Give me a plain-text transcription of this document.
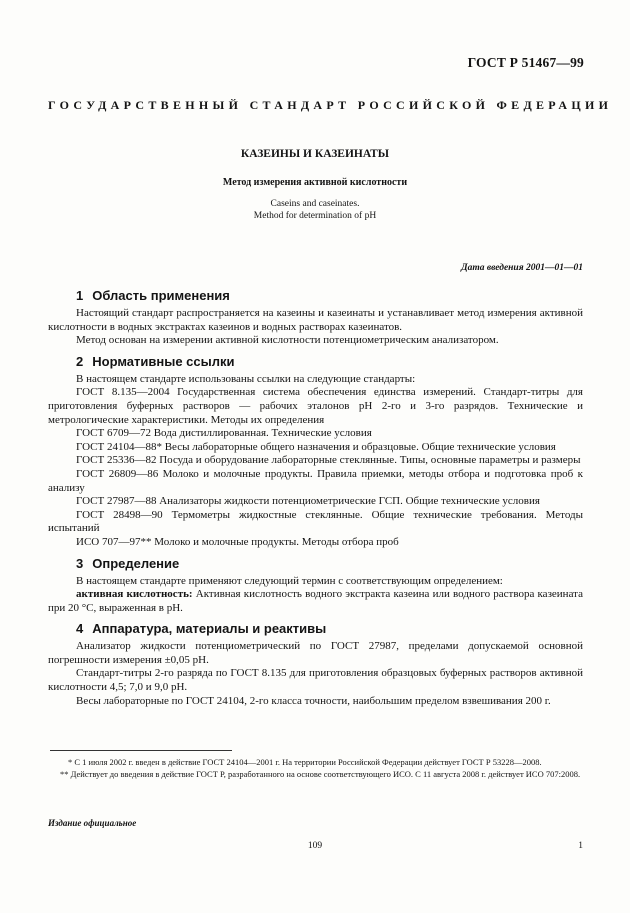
ГОСТ Р 51467—99
ГОСУДАРСТВЕННЫЙ СТАНДАРТ РОССИЙСКОЙ ФЕДЕРАЦИИ
КАЗЕИНЫ И КАЗЕИНАТЫ
Метод измерения активной кислотности
Caseins and caseinates.
Method for determination of pH
Дата введения 2001—01—01
1 Область применения

Настоящий стандарт распространяется на казеины и казеинаты и устанавливает метод измерения активной кислотности в водных экстрактах казеинов и водных растворах казеинатов.

Метод основан на измерении активной кислотности потенциометрическим анализатором.

2 Нормативные ссылки

В настоящем стандарте использованы ссылки на следующие стандарты:

ГОСТ 8.135—2004 Государственная система обеспечения единства измерений. Стандарт-титры для приготовления буферных растворов — рабочих эталонов pH 2-го и 3-го разрядов. Технические и метрологические характеристики. Методы их определения

ГОСТ 6709—72 Вода дистиллированная. Технические условия

ГОСТ 24104—88* Весы лабораторные общего назначения и образцовые. Общие технические условия

ГОСТ 25336—82 Посуда и оборудование лабораторные стеклянные. Типы, основные параметры и размеры

ГОСТ 26809—86 Молоко и молочные продукты. Правила приемки, методы отбора и подготовка проб к анализу

ГОСТ 27987—88 Анализаторы жидкости потенциометрические ГСП. Общие технические условия

ГОСТ 28498—90 Термометры жидкостные стеклянные. Общие технические требования. Методы испытаний

ИСО 707—97** Молоко и молочные продукты. Методы отбора проб

3 Определение

В настоящем стандарте применяют следующий термин с соответствующим определением:

активная кислотность: Активная кислотность водного экстракта казеина или водного раствора казеината при 20 °С, выраженная в pH.

4 Аппаратура, материалы и реактивы

Анализатор жидкости потенциометрический по ГОСТ 27987, пределами допускаемой основной погрешности измерения ±0,05 pH.

Стандарт-титры 2-го разряда по ГОСТ 8.135 для приготовления образцовых буферных растворов активной кислотности 4,5; 7,0 и 9,0 pH.

Весы лабораторные по ГОСТ 24104, 2-го класса точности, наибольшим пределом взвешивания 200 г.

* С 1 июля 2002 г. введен в действие ГОСТ 24104—2001 г. На территории Российской Федерации действует ГОСТ Р 53228—2008.

** Действует до введения в действие ГОСТ Р, разработанного на основе соответствующего ИСО. С 11 августа 2008 г. действует ИСО 707:2008.

Издание официальное
109	1
